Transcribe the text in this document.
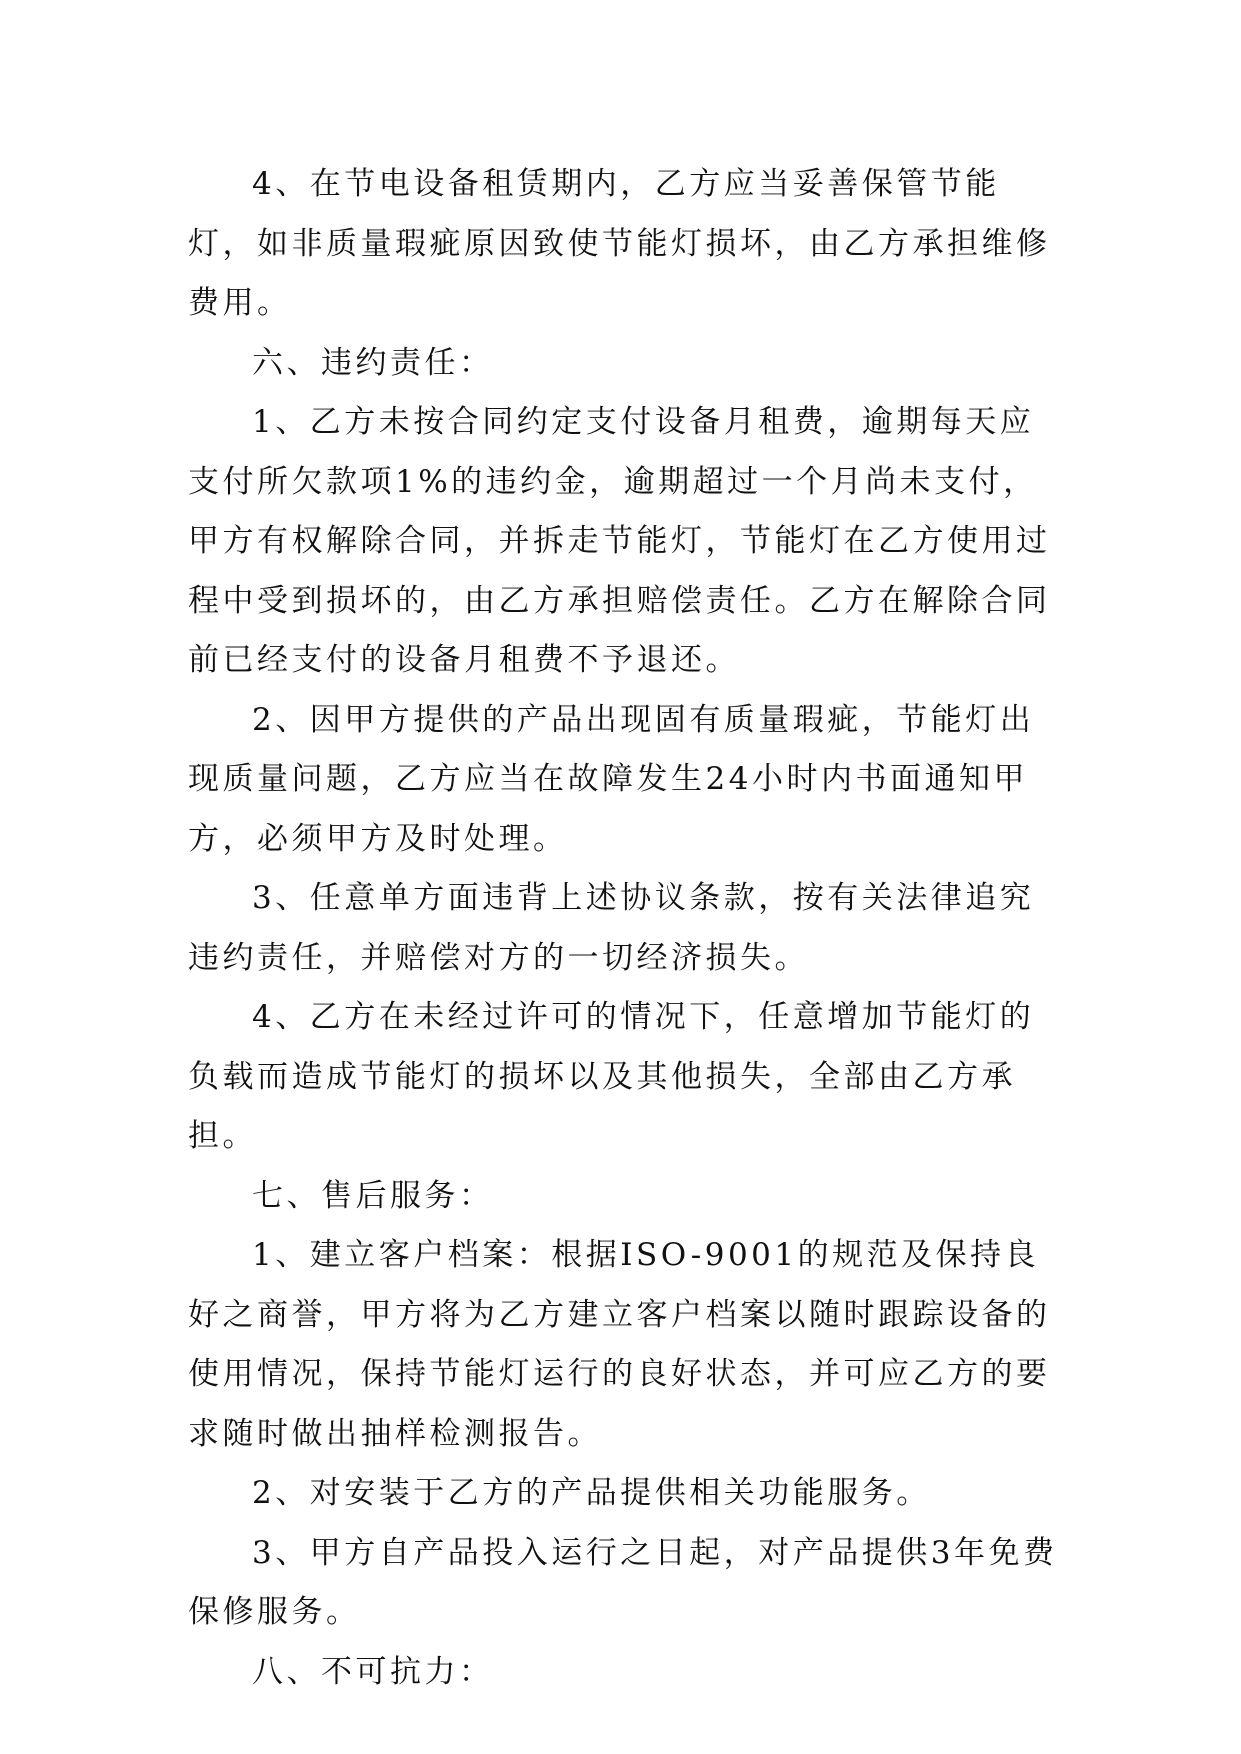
4、在节电设备租赁期内，乙方应当妥善保管节能灯，如非质量瑕疵原因致使节能灯损坏，由乙方承担维修费用。

六、违约责任：

1、乙方未按合同约定支付设备月租费，逾期每天应支付所欠款项1%的违约金，逾期超过一个月尚未支付，甲方有权解除合同，并拆走节能灯，节能灯在乙方使用过程中受到损坏的，由乙方承担赔偿责任。乙方在解除合同前已经支付的设备月租费不予退还。

2、因甲方提供的产品出现固有质量瑕疵，节能灯出现质量问题，乙方应当在故障发生24小时内书面通知甲方，必须甲方及时处理。

3、任意单方面违背上述协议条款，按有关法律追究违约责任，并赔偿对方的一切经济损失。

4、乙方在未经过许可的情况下，任意增加节能灯的负载而造成节能灯的损坏以及其他损失，全部由乙方承担。

七、售后服务：

1、建立客户档案：根据ISO-9001的规范及保持良好之商誉，甲方将为乙方建立客户档案以随时跟踪设备的使用情况，保持节能灯运行的良好状态，并可应乙方的要求随时做出抽样检测报告。

2、对安装于乙方的产品提供相关功能服务。

3、甲方自产品投入运行之日起，对产品提供3年免费保修服务。

八、不可抗力：
